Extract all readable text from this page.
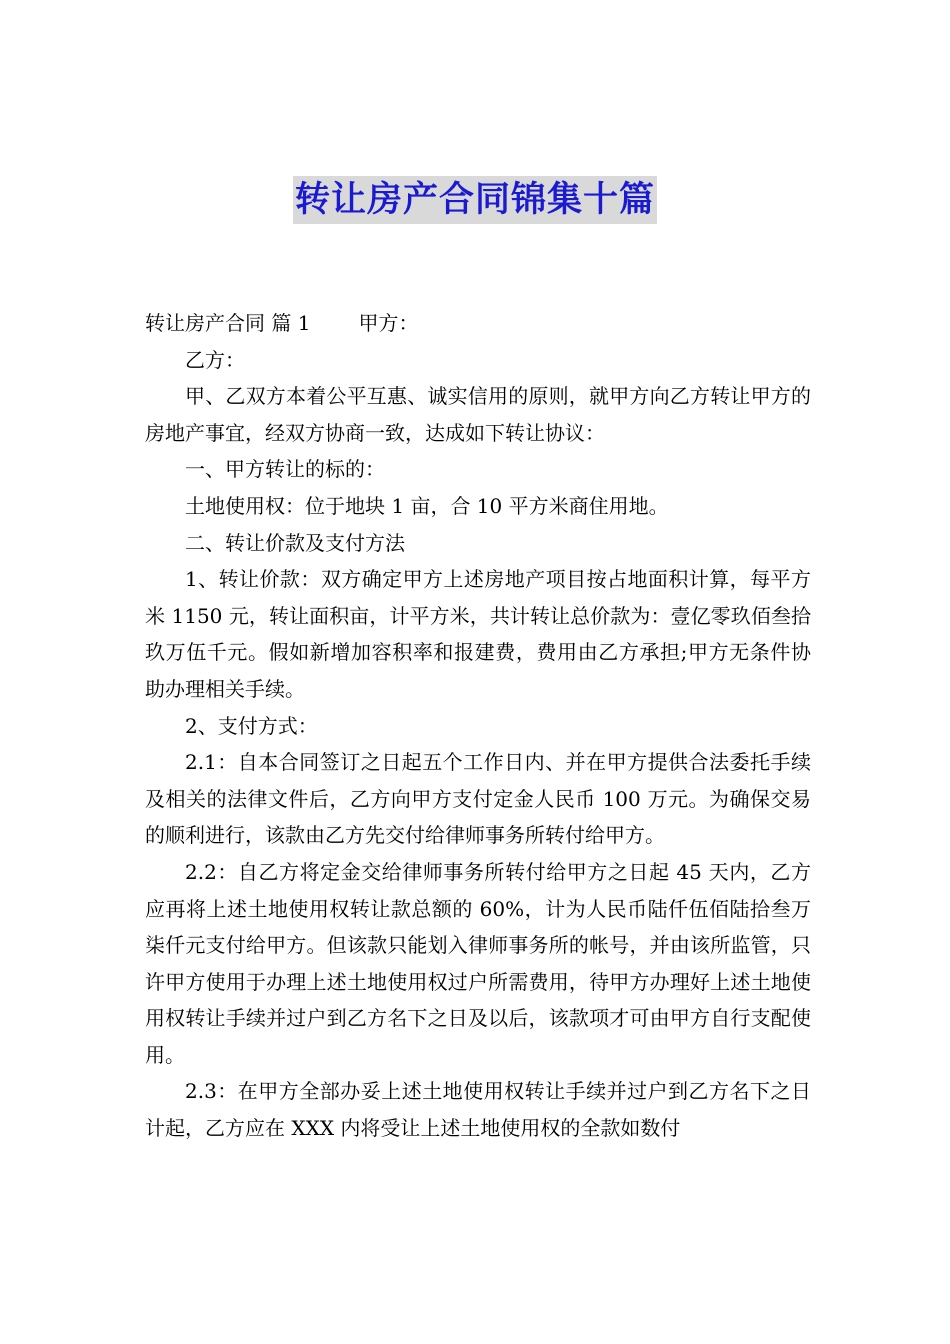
转让房产合同锦集十篇

转让房产合同 篇 1 甲方：

乙方：

甲、乙双方本着公平互惠、诚实信用的原则，就甲方向乙方转让甲方的房地产事宜，经双方协商一致，达成如下转让协议：

一、甲方转让的标的：

土地使用权：位于地块 1 亩，合 10 平方米商住用地。

二、转让价款及支付方法

1、转让价款：双方确定甲方上述房地产项目按占地面积计算，每平方米 1150 元，转让面积亩，计平方米，共计转让总价款为：壹亿零玖佰叁拾玖万伍千元。假如新增加容积率和报建费，费用由乙方承担;甲方无条件协助办理相关手续。

2、支付方式：

2.1：自本合同签订之日起五个工作日内、并在甲方提供合法委托手续及相关的法律文件后，乙方向甲方支付定金人民币 100 万元。为确保交易的顺利进行，该款由乙方先交付给律师事务所转付给甲方。

2.2：自乙方将定金交给律师事务所转付给甲方之日起 45 天内，乙方应再将上述土地使用权转让款总额的 60%，计为人民币陆仟伍佰陆拾叁万柒仟元支付给甲方。但该款只能划入律师事务所的帐号，并由该所监管，只许甲方使用于办理上述土地使用权过户所需费用，待甲方办理好上述土地使用权转让手续并过户到乙方名下之日及以后，该款项才可由甲方自行支配使用。

2.3：在甲方全部办妥上述土地使用权转让手续并过户到乙方名下之日计起，乙方应在 XXX 内将受让上述土地使用权的全款如数付
